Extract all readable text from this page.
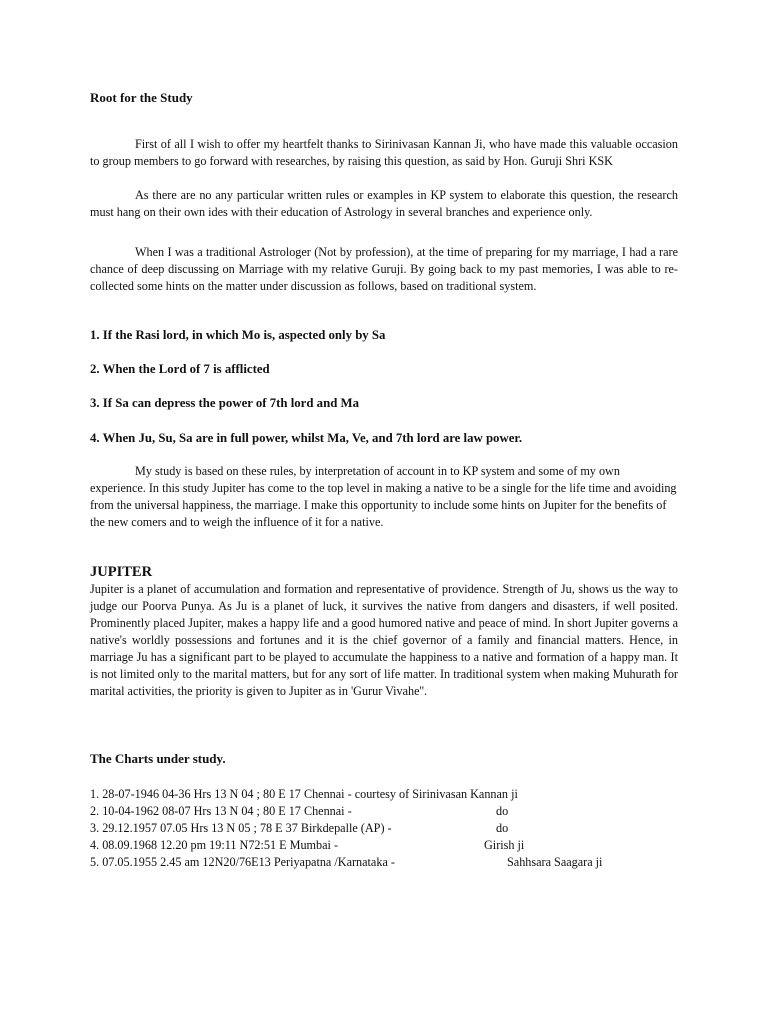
Root for the Study

First of all I wish to offer my heartfelt thanks to Sirinivasan Kannan Ji, who have made this valuable occasion to group members to go forward with researches, by raising this question, as said by Hon. Guruji Shri KSK

As there are no any particular written rules or examples in KP system to elaborate this question, the research must hang on their own ides with their education of Astrology in several branches and experience only.

When I was a traditional Astrologer (Not by profession), at the time of preparing for my marriage, I had a rare chance of deep discussing on Marriage with my relative Guruji. By going back to my past memories, I was able to re-collected some hints on the matter under discussion as follows, based on traditional system.

1. If the Rasi lord, in which Mo is, aspected only by Sa
2. When the Lord of 7 is afflicted
3. If Sa can depress the power of 7th lord and Ma
4. When Ju, Su, Sa are in full power, whilst Ma, Ve, and 7th lord are law power.

My study is based on these rules, by interpretation of account in to KP system and some of my own experience. In this study Jupiter has come to the top level in making a native to be a single for the life time and avoiding from the universal happiness, the marriage. I make this opportunity to include some hints on Jupiter for the benefits of the new comers and to weigh the influence of it for a native.

JUPITER

Jupiter is a planet of accumulation and formation and representative of providence. Strength of Ju, shows us the way to judge our Poorva Punya. As Ju is a planet of luck, it survives the native from dangers and disasters, if well posited. Prominently placed Jupiter, makes a happy life and a good humored native and peace of mind. In short Jupiter governs a native's worldly possessions and fortunes and it is the chief governor of a family and financial matters. Hence, in marriage Ju has a significant part to be played to accumulate the happiness to a native and formation of a happy man. It is not limited only to the marital matters, but for any sort of life matter. In traditional system when making Muhurath for marital activities, the priority is given to Jupiter as in 'Gurur Vivahe''.

The Charts under study.
1. 28-07-1946 04-36 Hrs 13 N 04 ; 80 E 17 Chennai - courtesy of Sirinivasan Kannan ji
2. 10-04-1962 08-07 Hrs 13 N 04 ; 80 E 17 Chennai -	do
3. 29.12.1957 07.05 Hrs 13 N 05 ; 78 E 37 Birkdepalle (AP) -	do
4. 08.09.1968 12.20 pm 19:11 N72:51 E Mumbai -	Girish ji
5. 07.05.1955 2.45 am 12N20/76E13 Periyapatna /Karnataka -	Sahhsara Saagara ji
